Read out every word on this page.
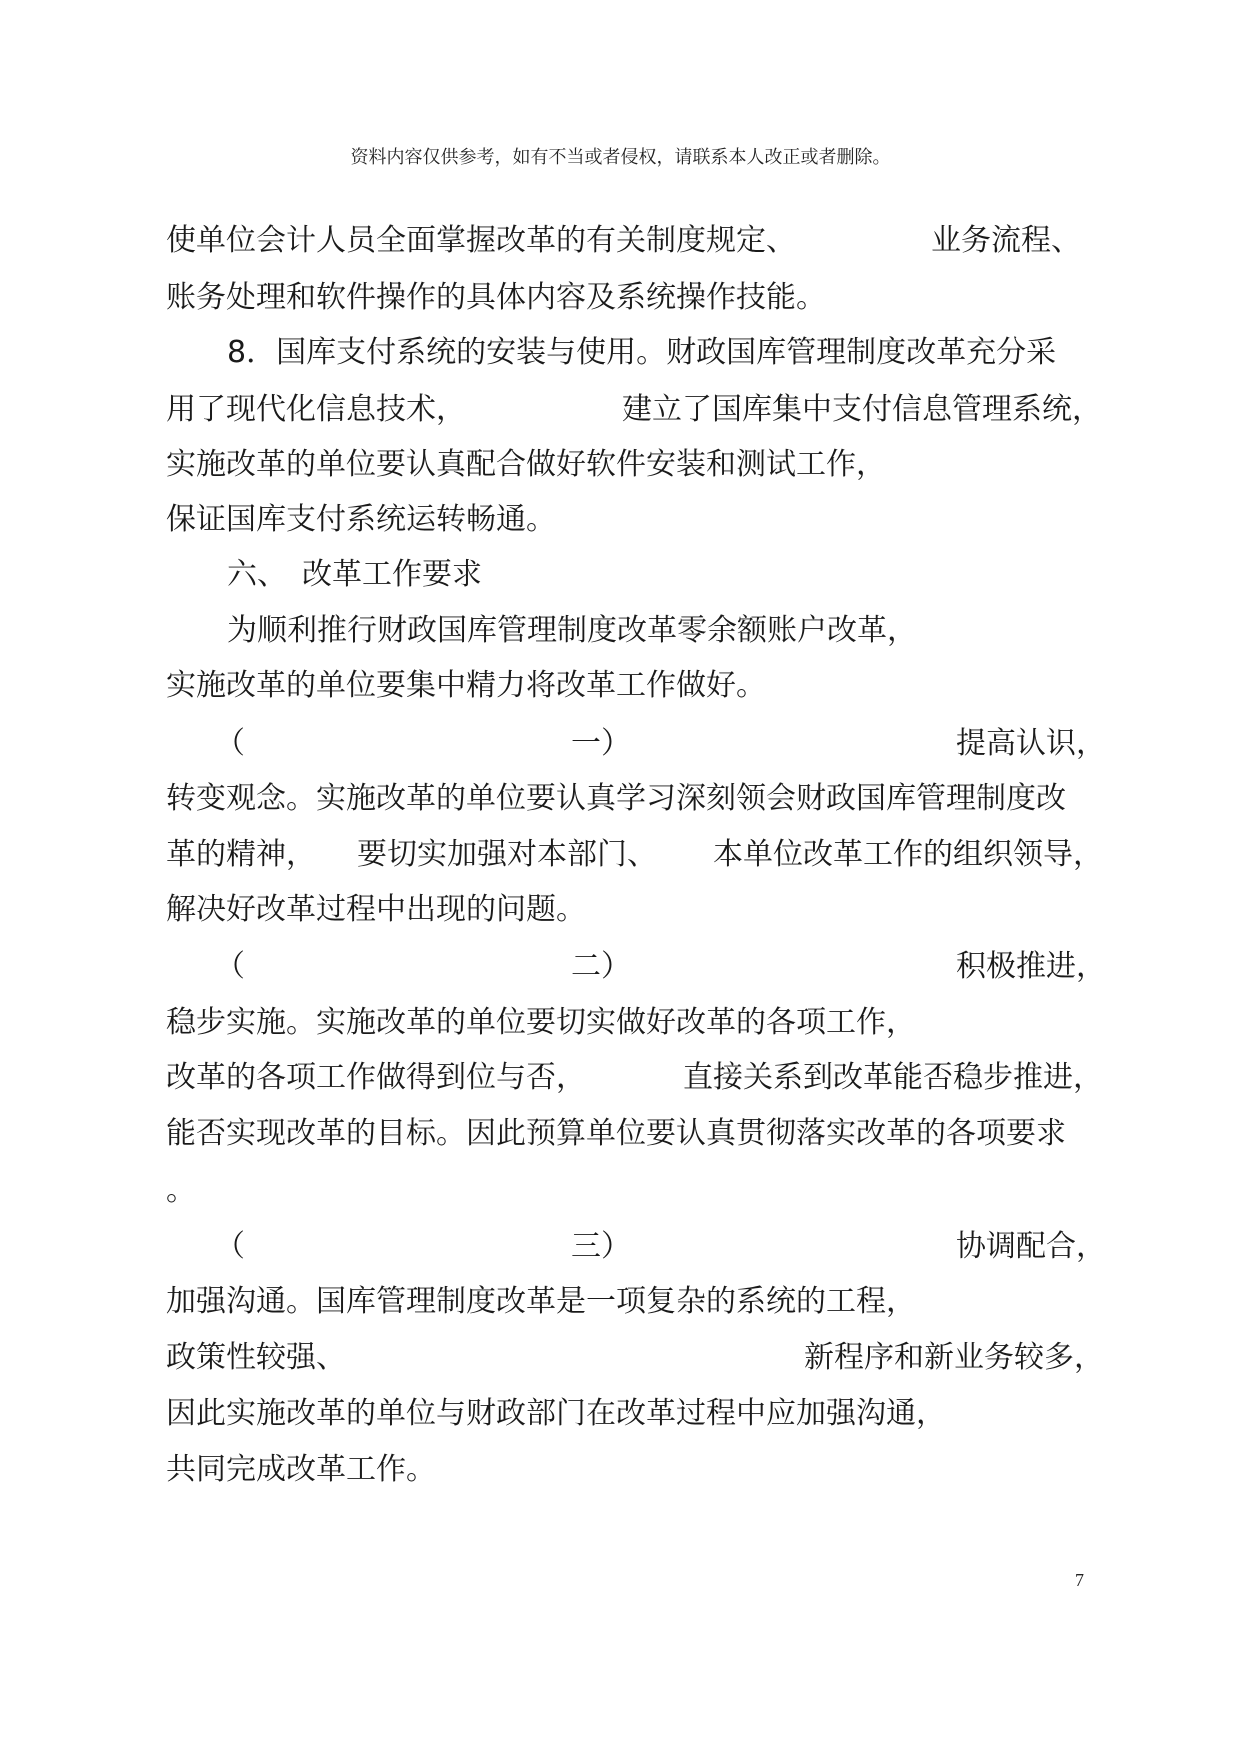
资料内容仅供参考，如有不当或者侵权，请联系本人改正或者删除。
使单位会计人员全面掌握改革的有关制度规定、	业务流程、
账务处理和软件操作的具体内容及系统操作技能。
8．国库支付系统的安装与使用。财政国库管理制度改革充分采
用了现代化信息技术，	建立了国库集中支付信息管理系统，
实施改革的单位要认真配合做好软件安装和测试工作，
保证国库支付系统运转畅通。
六、 改革工作要求
为顺利推行财政国库管理制度改革零余额账户改革，
实施改革的单位要集中精力将改革工作做好。
（	一）	提高认识，
转变观念。实施改革的单位要认真学习深刻领会财政国库管理制度改
革的精神， 要切实加强对本部门、 本单位改革工作的组织领导，
解决好改革过程中出现的问题。
（	二）	积极推进，
稳步实施。实施改革的单位要切实做好改革的各项工作，
改革的各项工作做得到位与否，	直接关系到改革能否稳步推进，
能否实现改革的目标。因此预算单位要认真贯彻落实改革的各项要求
。
（	三）	协调配合，
加强沟通。国库管理制度改革是一项复杂的系统的工程，
政策性较强、	新程序和新业务较多，
因此实施改革的单位与财政部门在改革过程中应加强沟通，
共同完成改革工作。
7
